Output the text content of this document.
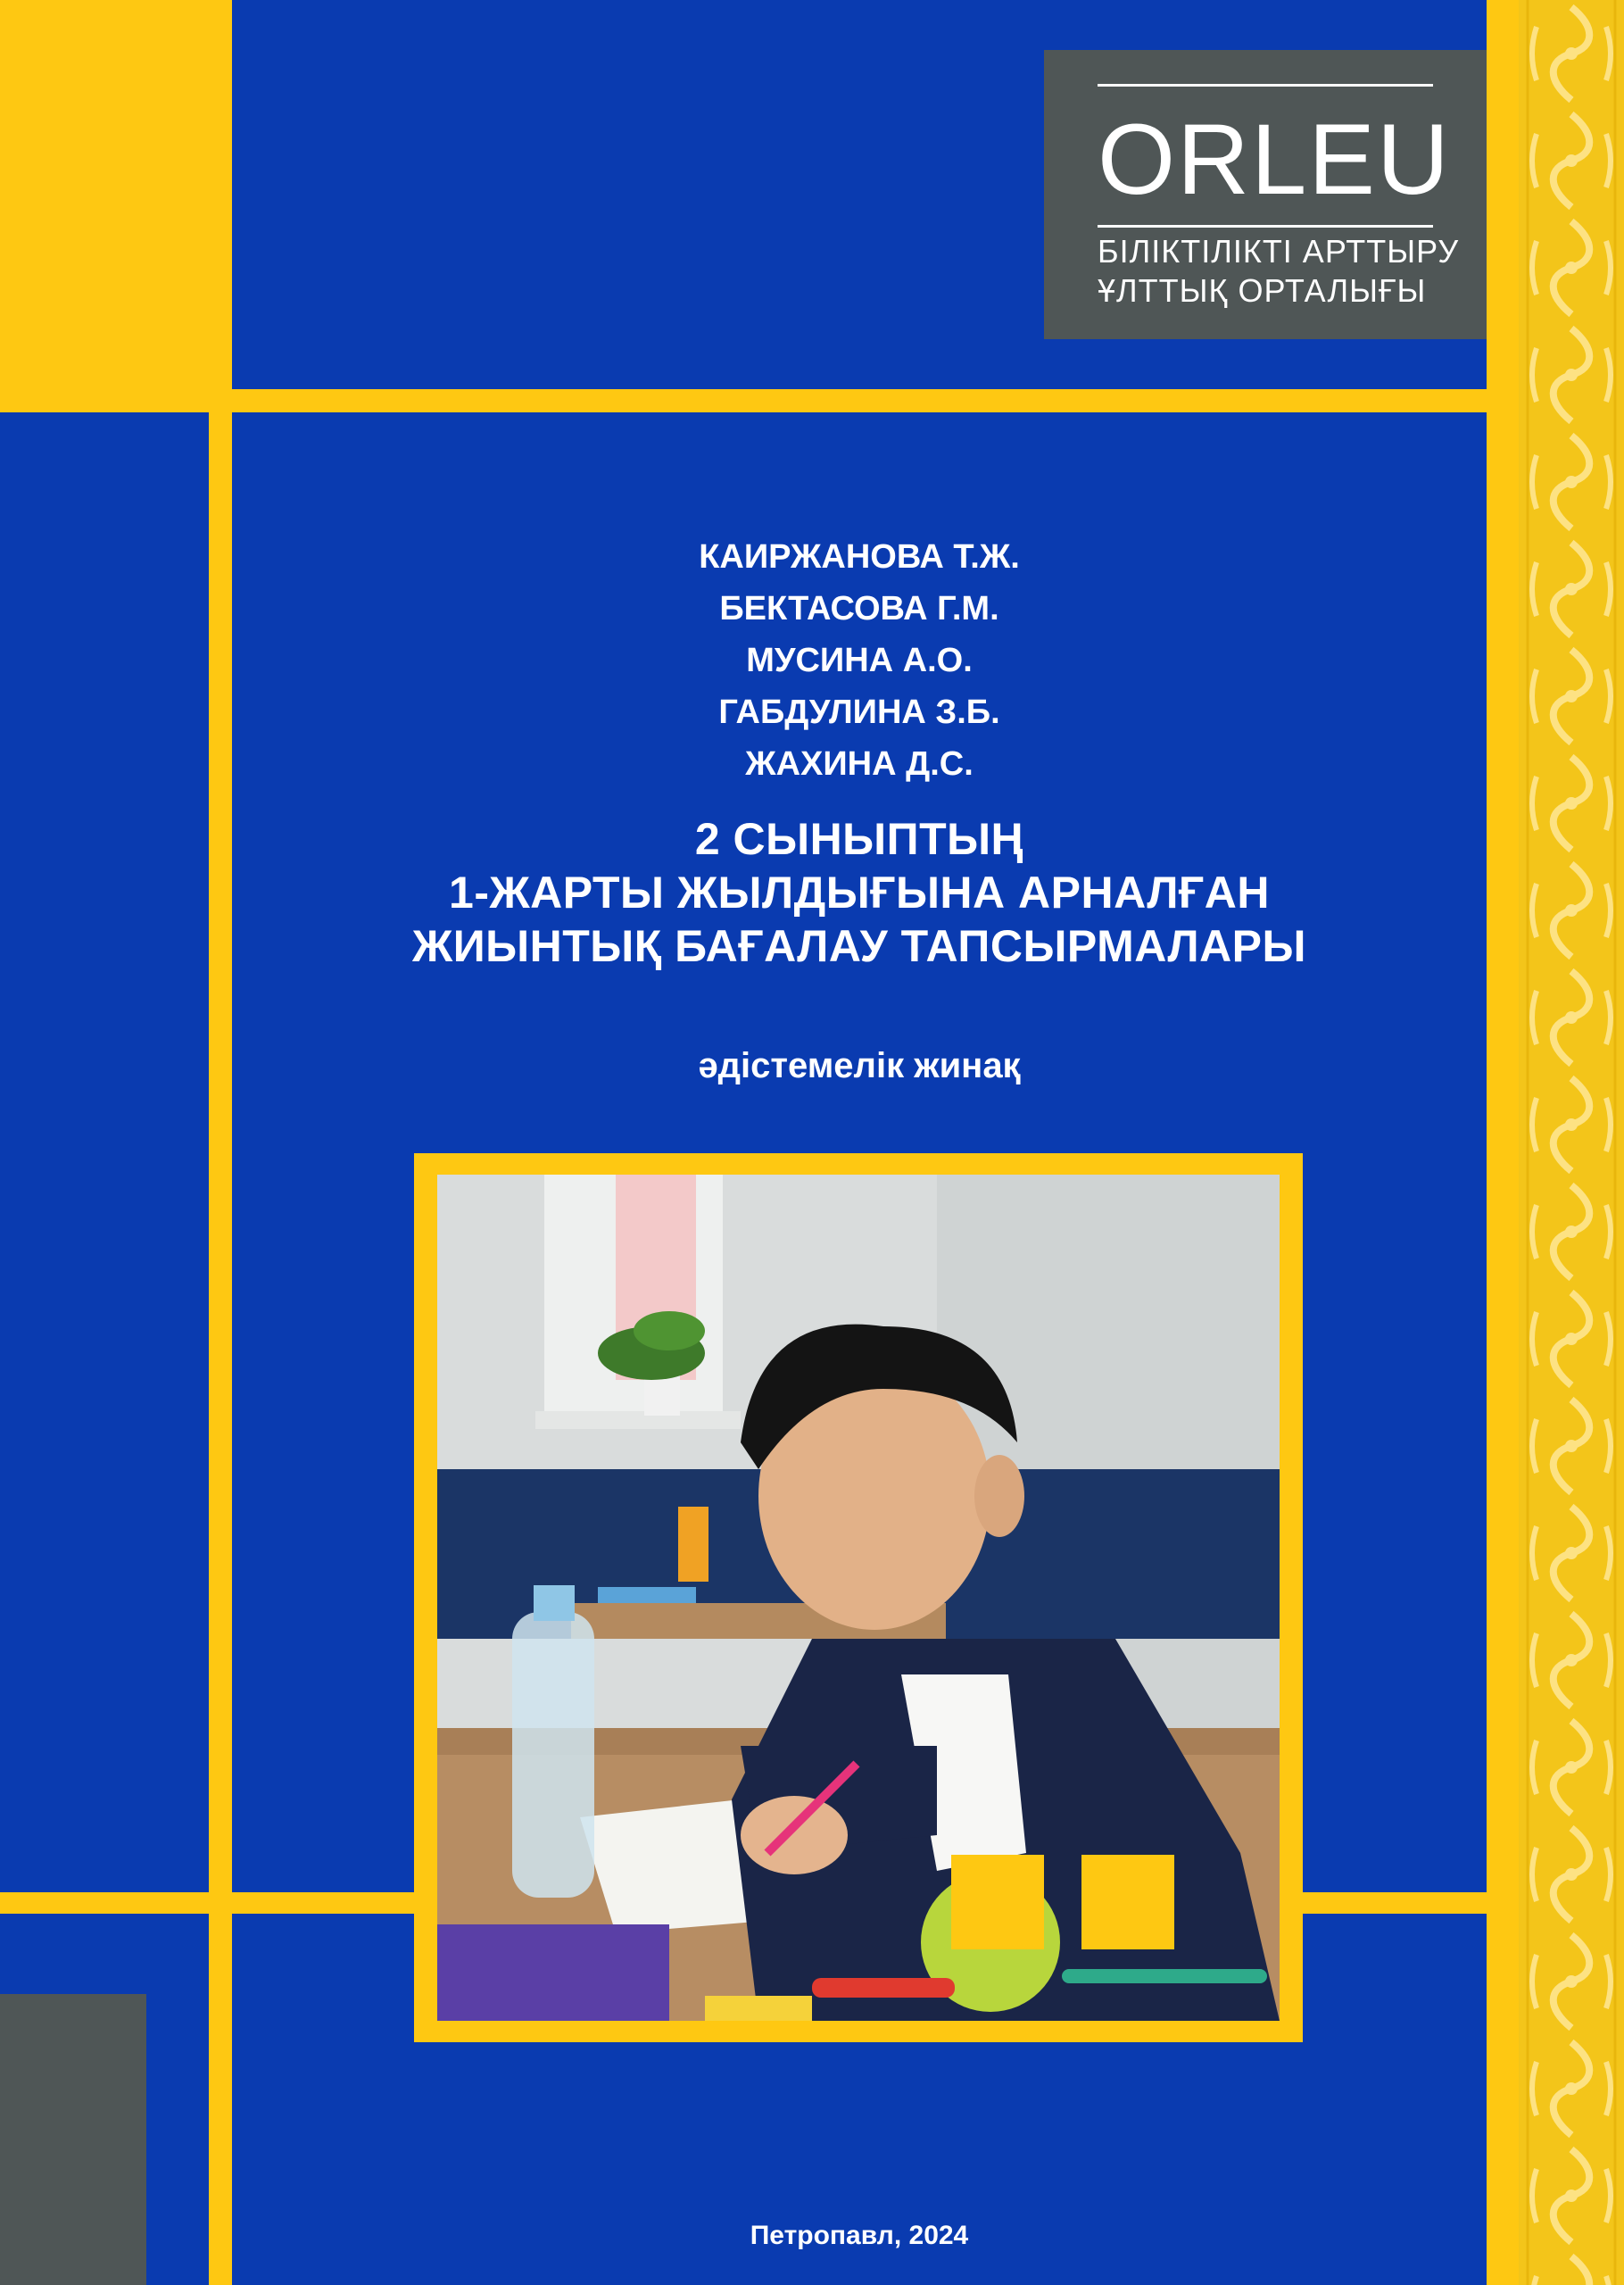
ORLEU
БІЛІКТІЛІКТІ АРТТЫРУ
ҰЛТТЫҚ ОРТАЛЫҒЫ
КАИРЖАНОВА Т.Ж.
БЕКТАСОВА Г.М.
МУСИНА А.О.
ГАБДУЛИНА З.Б.
ЖАХИНА Д.С.
2 СЫНЫПТЫҢ
1-ЖАРТЫ ЖЫЛДЫҒЫНА АРНАЛҒАН
ЖИЫНТЫҚ БАҒАЛАУ ТАПСЫРМАЛАРЫ
әдістемелік жинақ
Петропавл, 2024
